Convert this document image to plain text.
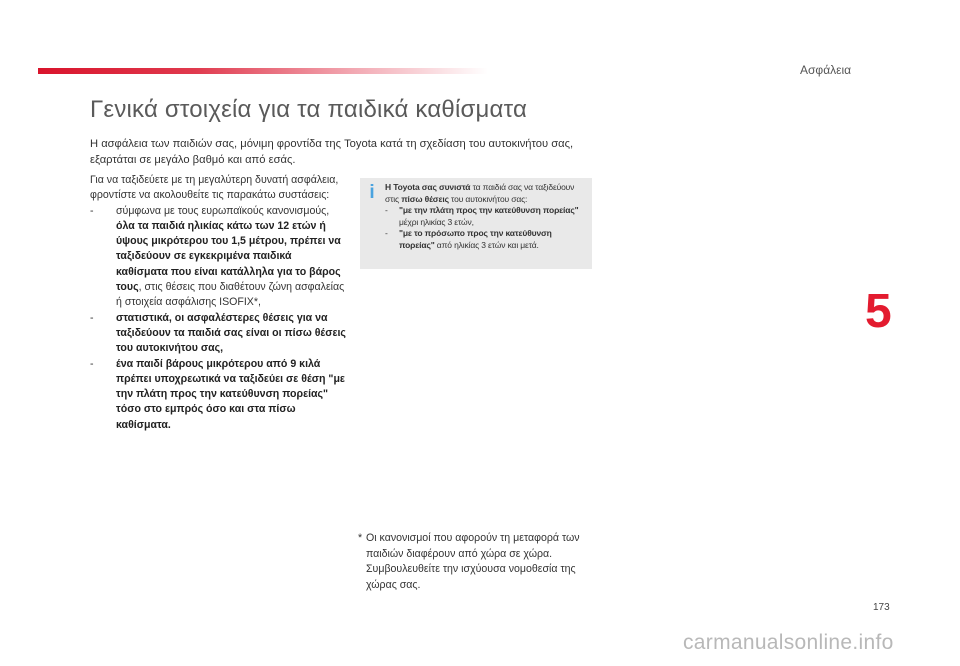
Ασφάλεια
Γενικά στοιχεία για τα παιδικά καθίσματα
Η ασφάλεια των παιδιών σας, μόνιμη φροντίδα της Toyota κατά τη σχεδίαση του αυτοκινήτου σας, εξαρτάται σε μεγάλο βαθμό και από εσάς.

Για να ταξιδεύετε με τη μεγαλύτερη δυνατή ασφάλεια, φροντίστε να ακολουθείτε τις παρακάτω συστάσεις:

- σύμφωνα με τους ευρωπαϊκούς κανονισμούς, όλα τα παιδιά ηλικίας κάτω των 12 ετών ή ύψους μικρότερου του 1,5 μέτρου, πρέπει να ταξιδεύουν σε εγκεκριμένα παιδικά καθίσματα που είναι κατάλληλα για το βάρος τους, στις θέσεις που διαθέτουν ζώνη ασφαλείας ή στοιχεία ασφάλισης ISOFIX*,
- στατιστικά, οι ασφαλέστερες θέσεις για να ταξιδεύουν τα παιδιά σας είναι οι πίσω θέσεις του αυτοκινήτου σας,
- ένα παιδί βάρους μικρότερου από 9 κιλά πρέπει υποχρεωτικά να ταξιδεύει σε θέση "με την πλάτη προς την κατεύθυνση πορείας" τόσο στο εμπρός όσο και στα πίσω καθίσματα.
i	Η Toyota σας συνιστά τα παιδιά σας να ταξιδεύουν στις πίσω θέσεις του αυτοκινήτου σας:
- "με την πλάτη προς την κατεύθυνση πορείας" μέχρι ηλικίας 3 ετών,
- "με το πρόσωπο προς την κατεύθυνση πορείας" από ηλικίας 3 ετών και μετά.
* Οι κανονισμοί που αφορούν τη μεταφορά των παιδιών διαφέρουν από χώρα σε χώρα. Συμβουλευθείτε την ισχύουσα νομοθεσία της χώρας σας.
5
173
carmanualsonline.info
